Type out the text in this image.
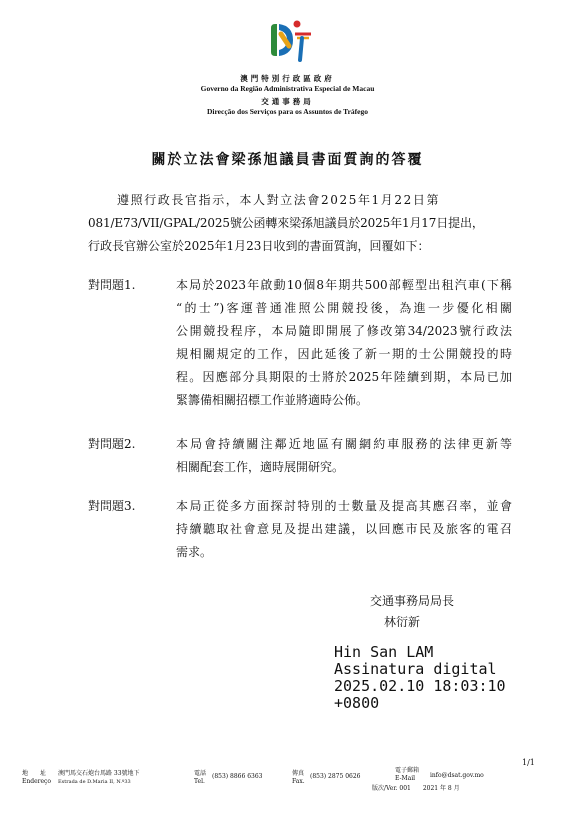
澳門特別行政區政府
Governo da Região Administrativa Especial de Macau
交通事務局
Direcção dos Serviços para os Assuntos de Tráfego
關於立法會梁孫旭議員書面質詢的答覆
遵照行政長官指示，本人對立法會2025年1月22日第
081/E73/VII/GPAL/2025號公函轉來梁孫旭議員於2025年1月17日提出，
行政長官辦公室於2025年1月23日收到的書面質詢，回覆如下：
對問題1.	本局於2023年啟動10個8年期共500部輕型出租汽車(下稱
“的士”)客運普通准照公開競投後，為進一步優化相關
公開競投程序，本局隨即開展了修改第34/2023號行政法
規相關規定的工作，因此延後了新一期的士公開競投的時
程。因應部分具期限的士將於2025年陸續到期，本局已加
緊籌備相關招標工作並將適時公佈。
對問題2.	本局會持續關注鄰近地區有關網約車服務的法律更新等
相關配套工作，適時展開研究。
對問題3.	本局正從多方面探討特別的士數量及提高其應召率，並會
持續聽取社會意見及提出建議，以回應市民及旅客的電召
需求。
交通事務局局長
林衍新
Hin San LAM
Assinatura digital
2025.02.10 18:03:10
+0800
1/1
地　　址
Endereço
澳門馬交石炮台馬路 33號地下
Estrada de D.Maria II, N.º33
電話
Tel.
(853) 8866 6363	傳真
Fax.
(853) 2875 0626
電子郵箱
E-Mail	info@dsat.gov.mo
版次/Ver. 001　　2021 年 8 月
